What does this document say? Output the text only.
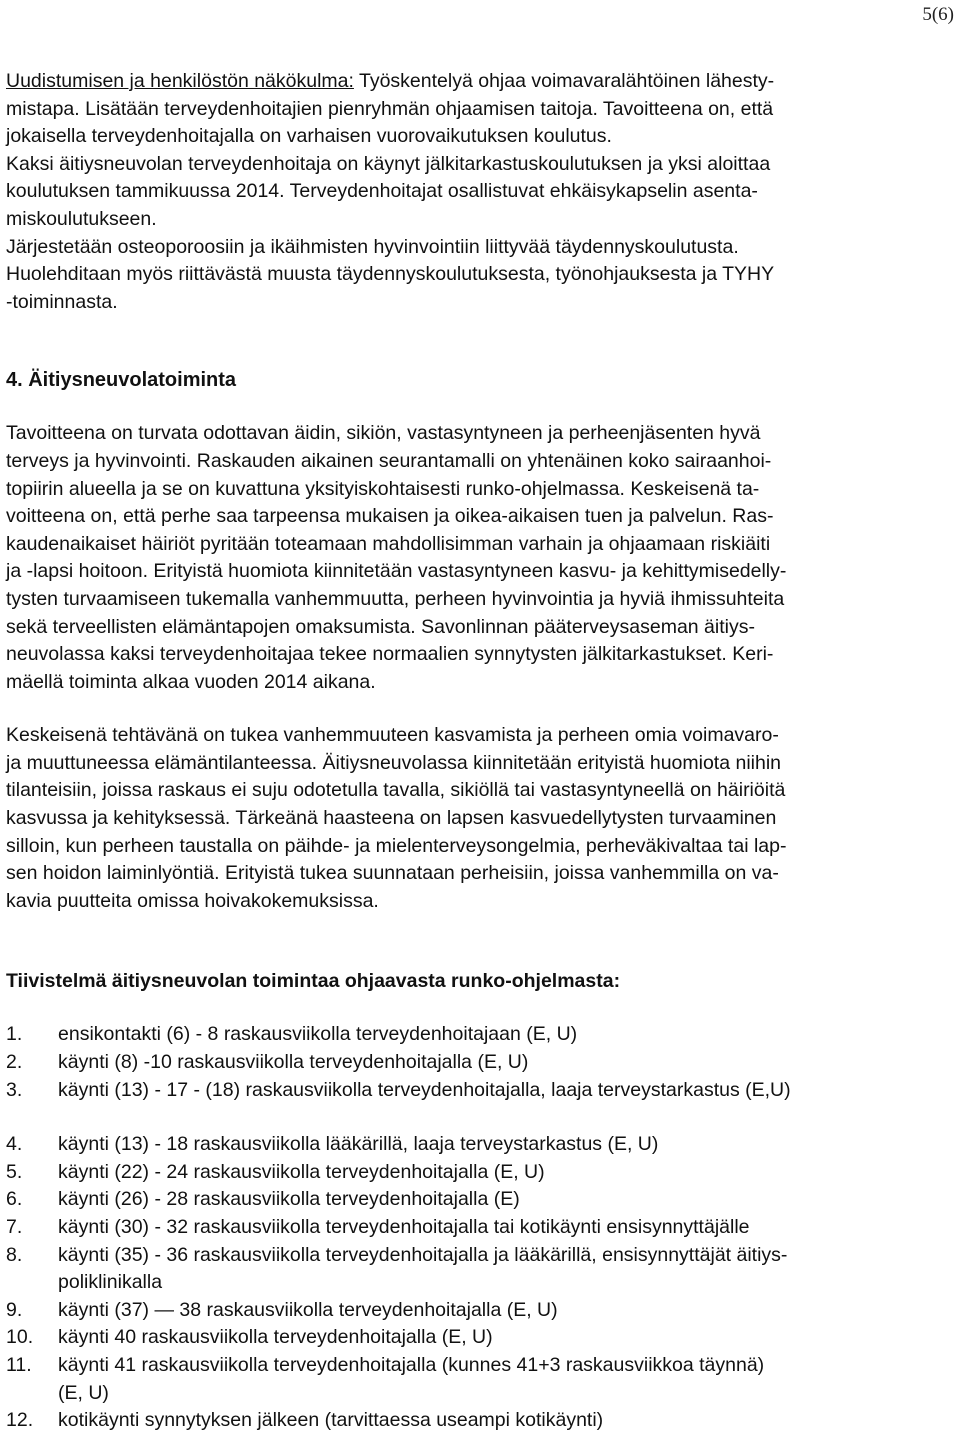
5(6)

Uudistumisen ja henkilöstön näkökulma: Työskentelyä ohjaa voimavaralähtöinen lähesty-

mistapa. Lisätään terveydenhoitajien pienryhmän ohjaamisen taitoja. Tavoitteena on, että

jokaisella terveydenhoitajalla on varhaisen vuorovaikutuksen koulutus.

Kaksi äitiysneuvolan terveydenhoitaja on käynyt jälkitarkastuskoulutuksen ja yksi aloittaa

koulutuksen tammikuussa 2014. Terveydenhoitajat osallistuvat ehkäisykapselin asenta-

miskoulutukseen.

Järjestetään osteoporoosiin ja ikäihmisten hyvinvointiin liittyvää täydennyskoulutusta.

Huolehditaan myös riittävästä muusta täydennyskoulutuksesta, työnohjauksesta ja TYHY

-toiminnasta.

4. Äitiysneuvolatoiminta

Tavoitteena on turvata odottavan äidin, sikiön, vastasyntyneen ja perheenjäsenten hyvä

terveys ja hyvinvointi. Raskauden aikainen seurantamalli on yhtenäinen koko sairaanhoi-

topiirin alueella ja se on kuvattuna yksityiskohtaisesti runko-ohjelmassa. Keskeisenä ta-

voitteena on, että perhe saa tarpeensa mukaisen ja oikea-aikaisen tuen ja palvelun. Ras-

kaudenaikaiset häiriöt pyritään toteamaan mahdollisimman varhain ja ohjaamaan riskiäiti

ja -lapsi hoitoon. Erityistä huomiota kiinnitetään vastasyntyneen kasvu- ja kehittymisedelly-

tysten turvaamiseen tukemalla vanhemmuutta, perheen hyvinvointia ja hyviä ihmissuhteita

sekä terveellisten elämäntapojen omaksumista. Savonlinnan pääterveysaseman äitiys-

neuvolassa kaksi terveydenhoitajaa tekee normaalien synnytysten jälkitarkastukset. Keri-

mäellä toiminta alkaa vuoden 2014 aikana.

Keskeisenä tehtävänä on tukea vanhemmuuteen kasvamista ja perheen omia voimavaro-

ja muuttuneessa elämäntilanteessa. Äitiysneuvolassa kiinnitetään erityistä huomiota niihin

tilanteisiin, joissa raskaus ei suju odotetulla tavalla, sikiöllä tai vastasyntyneellä on häiriöitä

kasvussa ja kehityksessä. Tärkeänä haasteena on lapsen kasvuedellytysten turvaaminen

silloin, kun perheen taustalla on päihde- ja mielenterveysongelmia, perheväkivaltaa tai lap-

sen hoidon laiminlyöntiä. Erityistä tukea suunnataan perheisiin, joissa vanhemmilla on va-

kavia puutteita omissa hoivakokemuksissa.

Tiivistelmä äitiysneuvolan toimintaa ohjaavasta runko-ohjelmasta:
1.	ensikontakti (6) - 8 raskausviikolla terveydenhoitajaan (E, U)
2.	käynti (8) -10 raskausviikolla terveydenhoitajalla (E, U)
3.	käynti (13) - 17 - (18) raskausviikolla terveydenhoitajalla, laaja terveystarkastus (E,U)
4.	käynti (13) - 18 raskausviikolla lääkärillä, laaja terveystarkastus (E, U)
5.	käynti (22) - 24 raskausviikolla terveydenhoitajalla (E, U)
6.	käynti (26) - 28 raskausviikolla terveydenhoitajalla (E)
7.	käynti (30) - 32 raskausviikolla terveydenhoitajalla tai kotikäynti ensisynnyttäjälle
8.	käynti (35) - 36 raskausviikolla terveydenhoitajalla ja lääkärillä, ensisynnyttäjät äitiys-
poliklinikalla
9.	käynti (37) — 38 raskausviikolla terveydenhoitajalla (E, U)
10.	käynti 40 raskausviikolla terveydenhoitajalla (E, U)
11.	käynti 41 raskausviikolla terveydenhoitajalla (kunnes 41+3 raskausviikkoa täynnä)
(E, U)
12.	kotikäynti synnytyksen jälkeen (tarvittaessa useampi kotikäynti)
